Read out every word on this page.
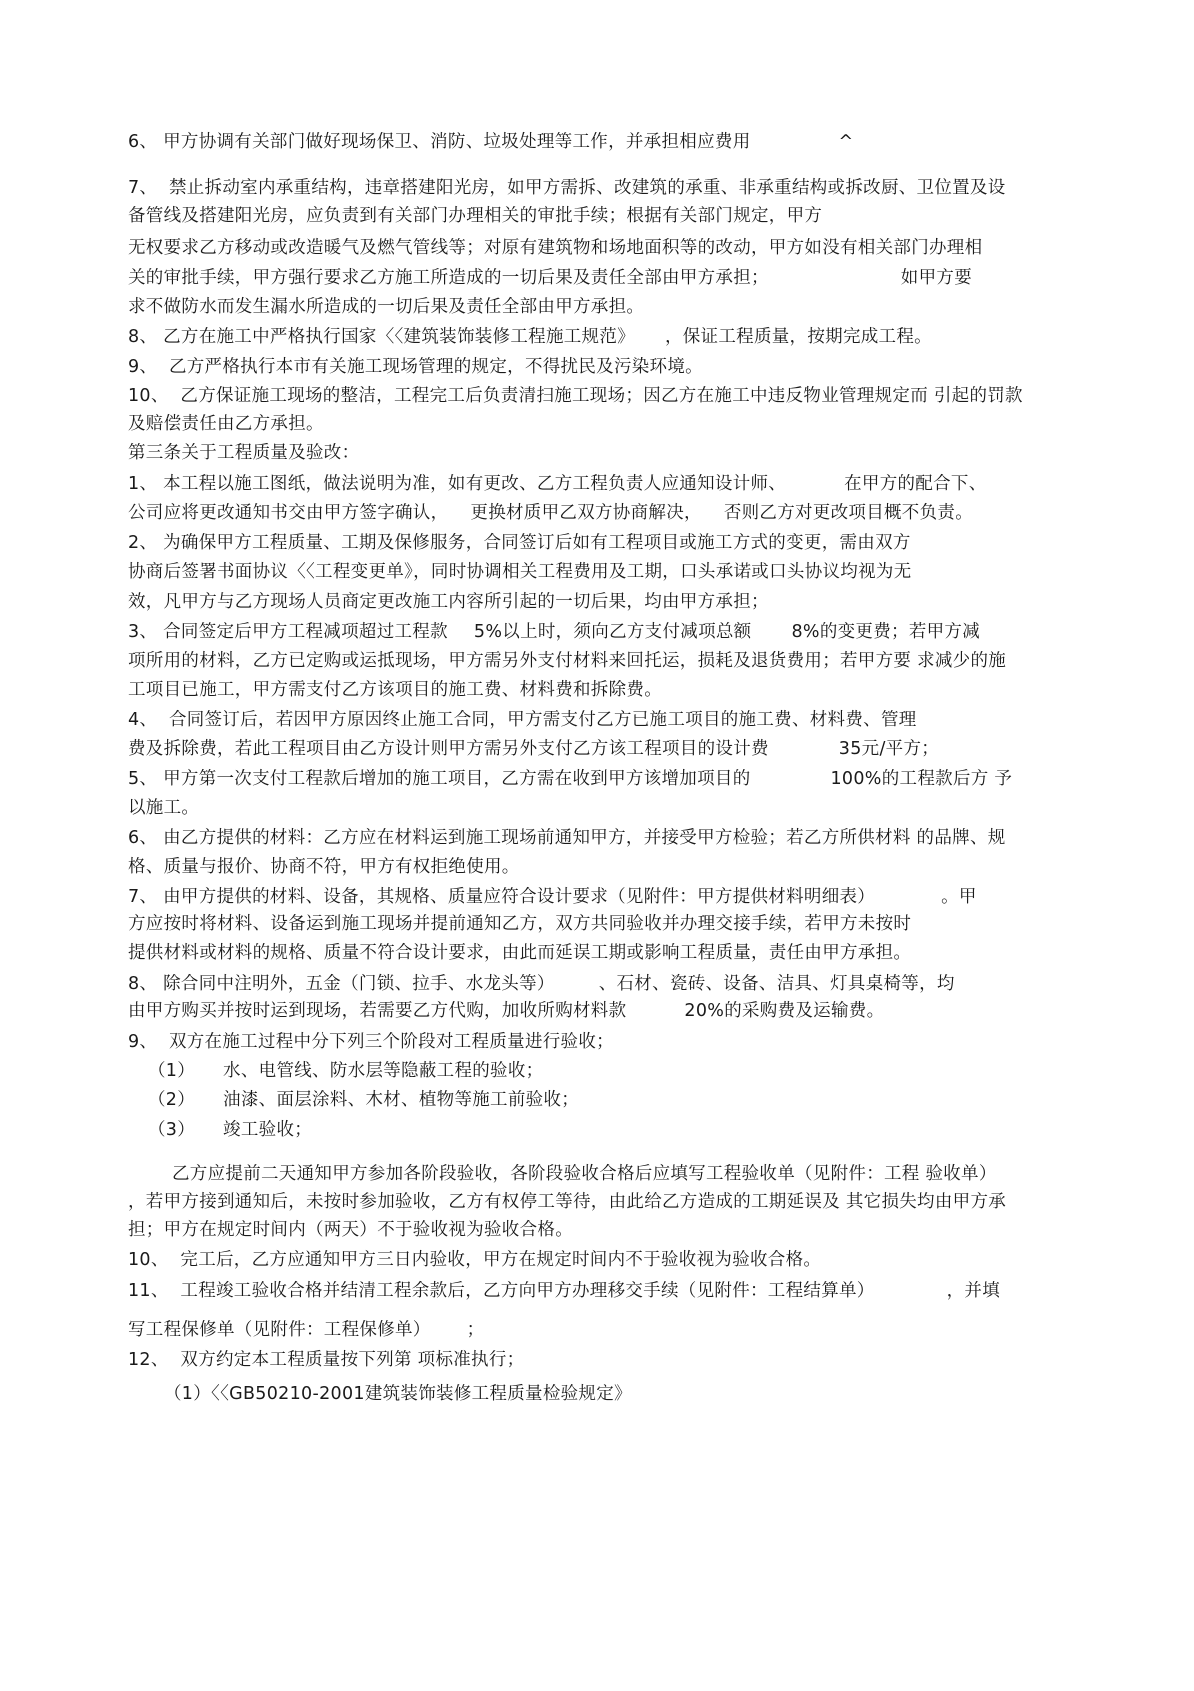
6、 甲方协调有关部门做好现场保卫、消防、垃圾处理等工作，并承担相应费用	^
7、  禁止拆动室内承重结构，违章搭建阳光房，如甲方需拆、改建筑的承重、非承重结构或拆改厨、卫位置及设
备管线及搭建阳光房，应负责到有关部门办理相关的审批手续；根据有关部门规定，甲方
无权要求乙方移动或改造暖气及燃气管线等；对原有建筑物和场地面积等的改动，甲方如没有相关部门办理相
关的审批手续，甲方强行要求乙方施工所造成的一切后果及责任全部由甲方承担；	如甲方要
求不做防水而发生漏水所造成的一切后果及责任全部由甲方承担。
8、 乙方在施工中严格执行国家〈〈建筑装饰装修工程施工规范》 ，保证工程质量，按期完成工程。
9、  乙方严格执行本市有关施工现场管理的规定，不得扰民及污染环境。
10、  乙方保证施工现场的整洁，工程完工后负责清扫施工现场；因乙方在施工中违反物业管理规定而 引起的罚款
及赔偿责任由乙方承担。
第三条关于工程质量及验改：
1、 本工程以施工图纸，做法说明为准，如有更改、乙方工程负责人应通知设计师、	在甲方的配合下、
公司应将更改通知书交由甲方签字确认， 更换材质甲乙双方协商解决， 否则乙方对更改项目概不负责。
2、 为确保甲方工程质量、工期及保修服务，合同签订后如有工程项目或施工方式的变更，需由双方
协商后签署书面协议〈〈工程变更单》，同时协调相关工程费用及工期，口头承诺或口头协议均视为无
效，凡甲方与乙方现场人员商定更改施工内容所引起的一切后果，均由甲方承担；
3、 合同签定后甲方工程减项超过工程款 5%以上时，须向乙方支付减项总额 8%的变更费；若甲方减
项所用的材料，乙方已定购或运抵现场，甲方需另外支付材料来回托运，损耗及退货费用；若甲方要 求减少的施
工项目已施工，甲方需支付乙方该项目的施工费、材料费和拆除费。
4、  合同签订后，若因甲方原因终止施工合同，甲方需支付乙方已施工项目的施工费、材料费、管理
费及拆除费，若此工程项目由乙方设计则甲方需另外支付乙方该工程项目的设计费	35元/平方；
5、 甲方第一次支付工程款后增加的施工项目，乙方需在收到甲方该增加项目的	100%的工程款后方 予
以施工。
6、 由乙方提供的材料：乙方应在材料运到施工现场前通知甲方，并接受甲方检验；若乙方所供材料 的品牌、规
格、质量与报价、协商不符，甲方有权拒绝使用。
7、 由甲方提供的材料、设备，其规格、质量应符合设计要求（见附件：甲方提供材料明细表）	。甲
方应按时将材料、设备运到施工现场并提前通知乙方，双方共同验收并办理交接手续，若甲方未按时
提供材料或材料的规格、质量不符合设计要求，由此而延误工期或影响工程质量，责任由甲方承担。
8、 除合同中注明外，五金（门锁、拉手、水龙头等）	、石材、瓷砖、设备、洁具、灯具桌椅等，均
由甲方购买并按时运到现场，若需要乙方代购，加收所购材料款	20%的采购费及运输费。
9、  双方在施工过程中分下列三个阶段对工程质量进行验收；
（1） 水、电管线、防水层等隐蔽工程的验收；
（2） 油漆、面层涂料、木材、植物等施工前验收；
（3） 竣工验收；
乙方应提前二天通知甲方参加各阶段验收，各阶段验收合格后应填写工程验收单（见附件：工程 验收单）
，若甲方接到通知后，未按时参加验收，乙方有权停工等待，由此给乙方造成的工期延误及 其它损失均由甲方承
担；甲方在规定时间内（两天）不于验收视为验收合格。
10、  完工后，乙方应通知甲方三日内验收，甲方在规定时间内不于验收视为验收合格。
11、  工程竣工验收合格并结清工程余款后，乙方向甲方办理移交手续（见附件：工程结算单）	，并填
写工程保修单（见附件：工程保修单） ；
12、  双方约定本工程质量按下列第 项标准执行；
（1）〈〈GB50210-2001建筑装饰装修工程质量检验规定》
